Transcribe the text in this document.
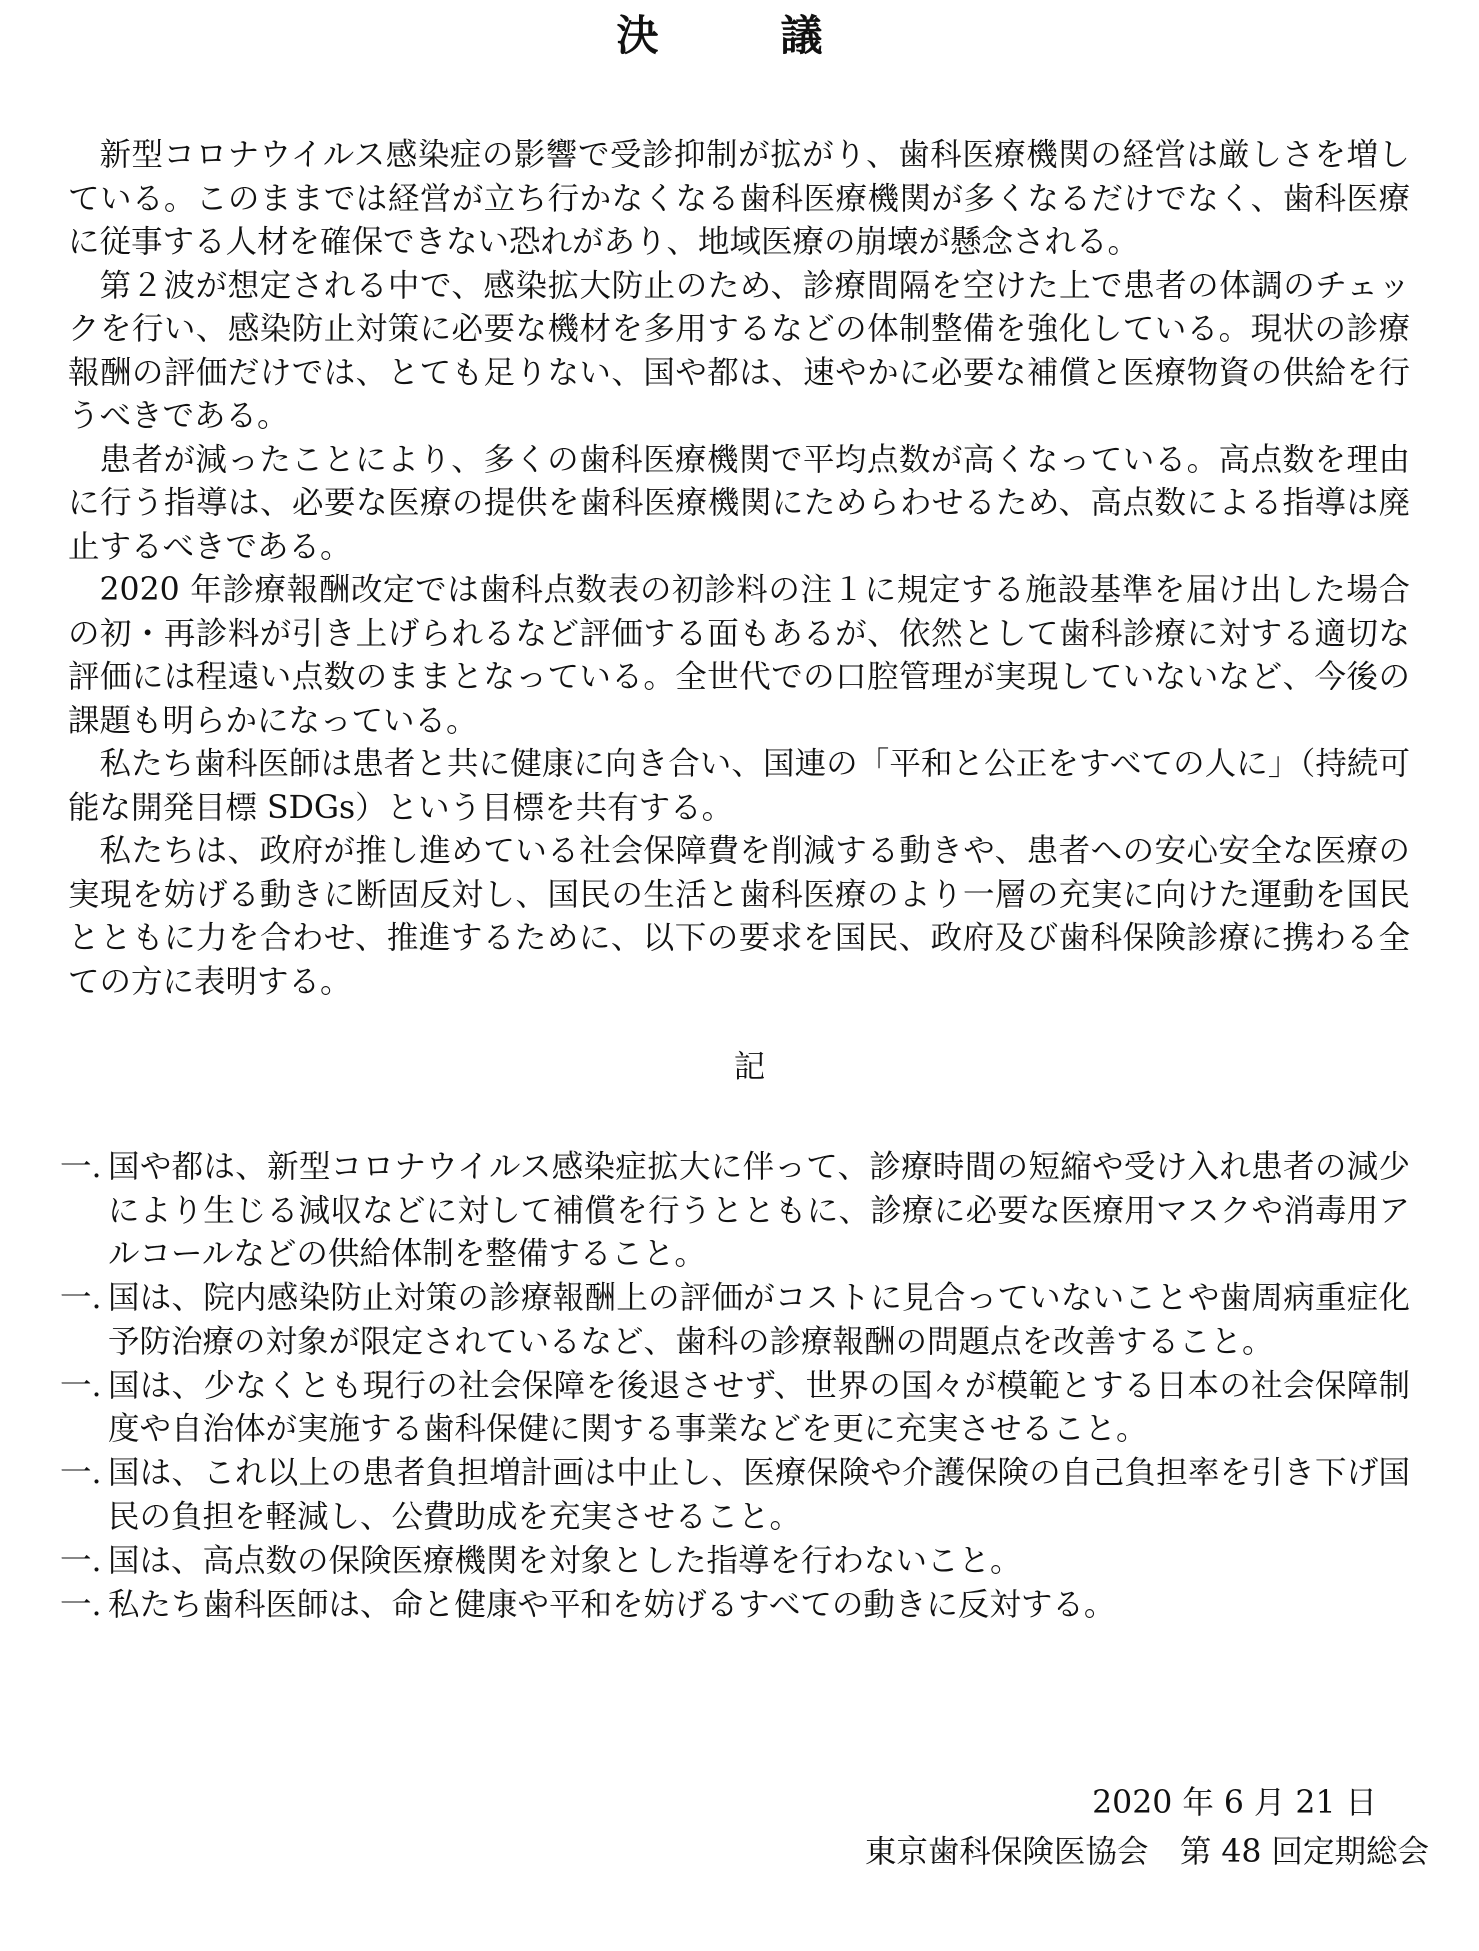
決　議

新型コロナウイルス感染症の影響で受診抑制が拡がり、歯科医療機関の経営は厳しさを増している。このままでは経営が立ち行かなくなる歯科医療機関が多くなるだけでなく、歯科医療に従事する人材を確保できない恐れがあり、地域医療の崩壊が懸念される。

第２波が想定される中で、感染拡大防止のため、診療間隔を空けた上で患者の体調のチェックを行い、感染防止対策に必要な機材を多用するなどの体制整備を強化している。現状の診療報酬の評価だけでは、とても足りない、国や都は、速やかに必要な補償と医療物資の供給を行うべきである。

患者が減ったことにより、多くの歯科医療機関で平均点数が高くなっている。高点数を理由に行う指導は、必要な医療の提供を歯科医療機関にためらわせるため、高点数による指導は廃止するべきである。

2020 年診療報酬改定では歯科点数表の初診料の注１に規定する施設基準を届け出した場合の初・再診料が引き上げられるなど評価する面もあるが、依然として歯科診療に対する適切な評価には程遠い点数のままとなっている。全世代での口腔管理が実現していないなど、今後の課題も明らかになっている。

私たち歯科医師は患者と共に健康に向き合い、国連の「平和と公正をすべての人に」（持続可能な開発目標 SDGs）という目標を共有する。

私たちは、政府が推し進めている社会保障費を削減する動きや、患者への安心安全な医療の実現を妨げる動きに断固反対し、国民の生活と歯科医療のより一層の充実に向けた運動を国民とともに力を合わせ、推進するために、以下の要求を国民、政府及び歯科保険診療に携わる全ての方に表明する。

記
一. 国や都は、新型コロナウイルス感染症拡大に伴って、診療時間の短縮や受け入れ患者の減少により生じる減収などに対して補償を行うとともに、診療に必要な医療用マスクや消毒用アルコールなどの供給体制を整備すること。
一. 国は、院内感染防止対策の診療報酬上の評価がコストに見合っていないことや歯周病重症化予防治療の対象が限定されているなど、歯科の診療報酬の問題点を改善すること。
一. 国は、少なくとも現行の社会保障を後退させず、世界の国々が模範とする日本の社会保障制度や自治体が実施する歯科保健に関する事業などを更に充実させること。
一. 国は、これ以上の患者負担増計画は中止し、医療保険や介護保険の自己負担率を引き下げ国民の負担を軽減し、公費助成を充実させること。
一. 国は、高点数の保険医療機関を対象とした指導を行わないこと。
一. 私たち歯科医師は、命と健康や平和を妨げるすべての動きに反対する。
2020 年 6 月 21 日
東京歯科保険医協会　第 48 回定期総会
